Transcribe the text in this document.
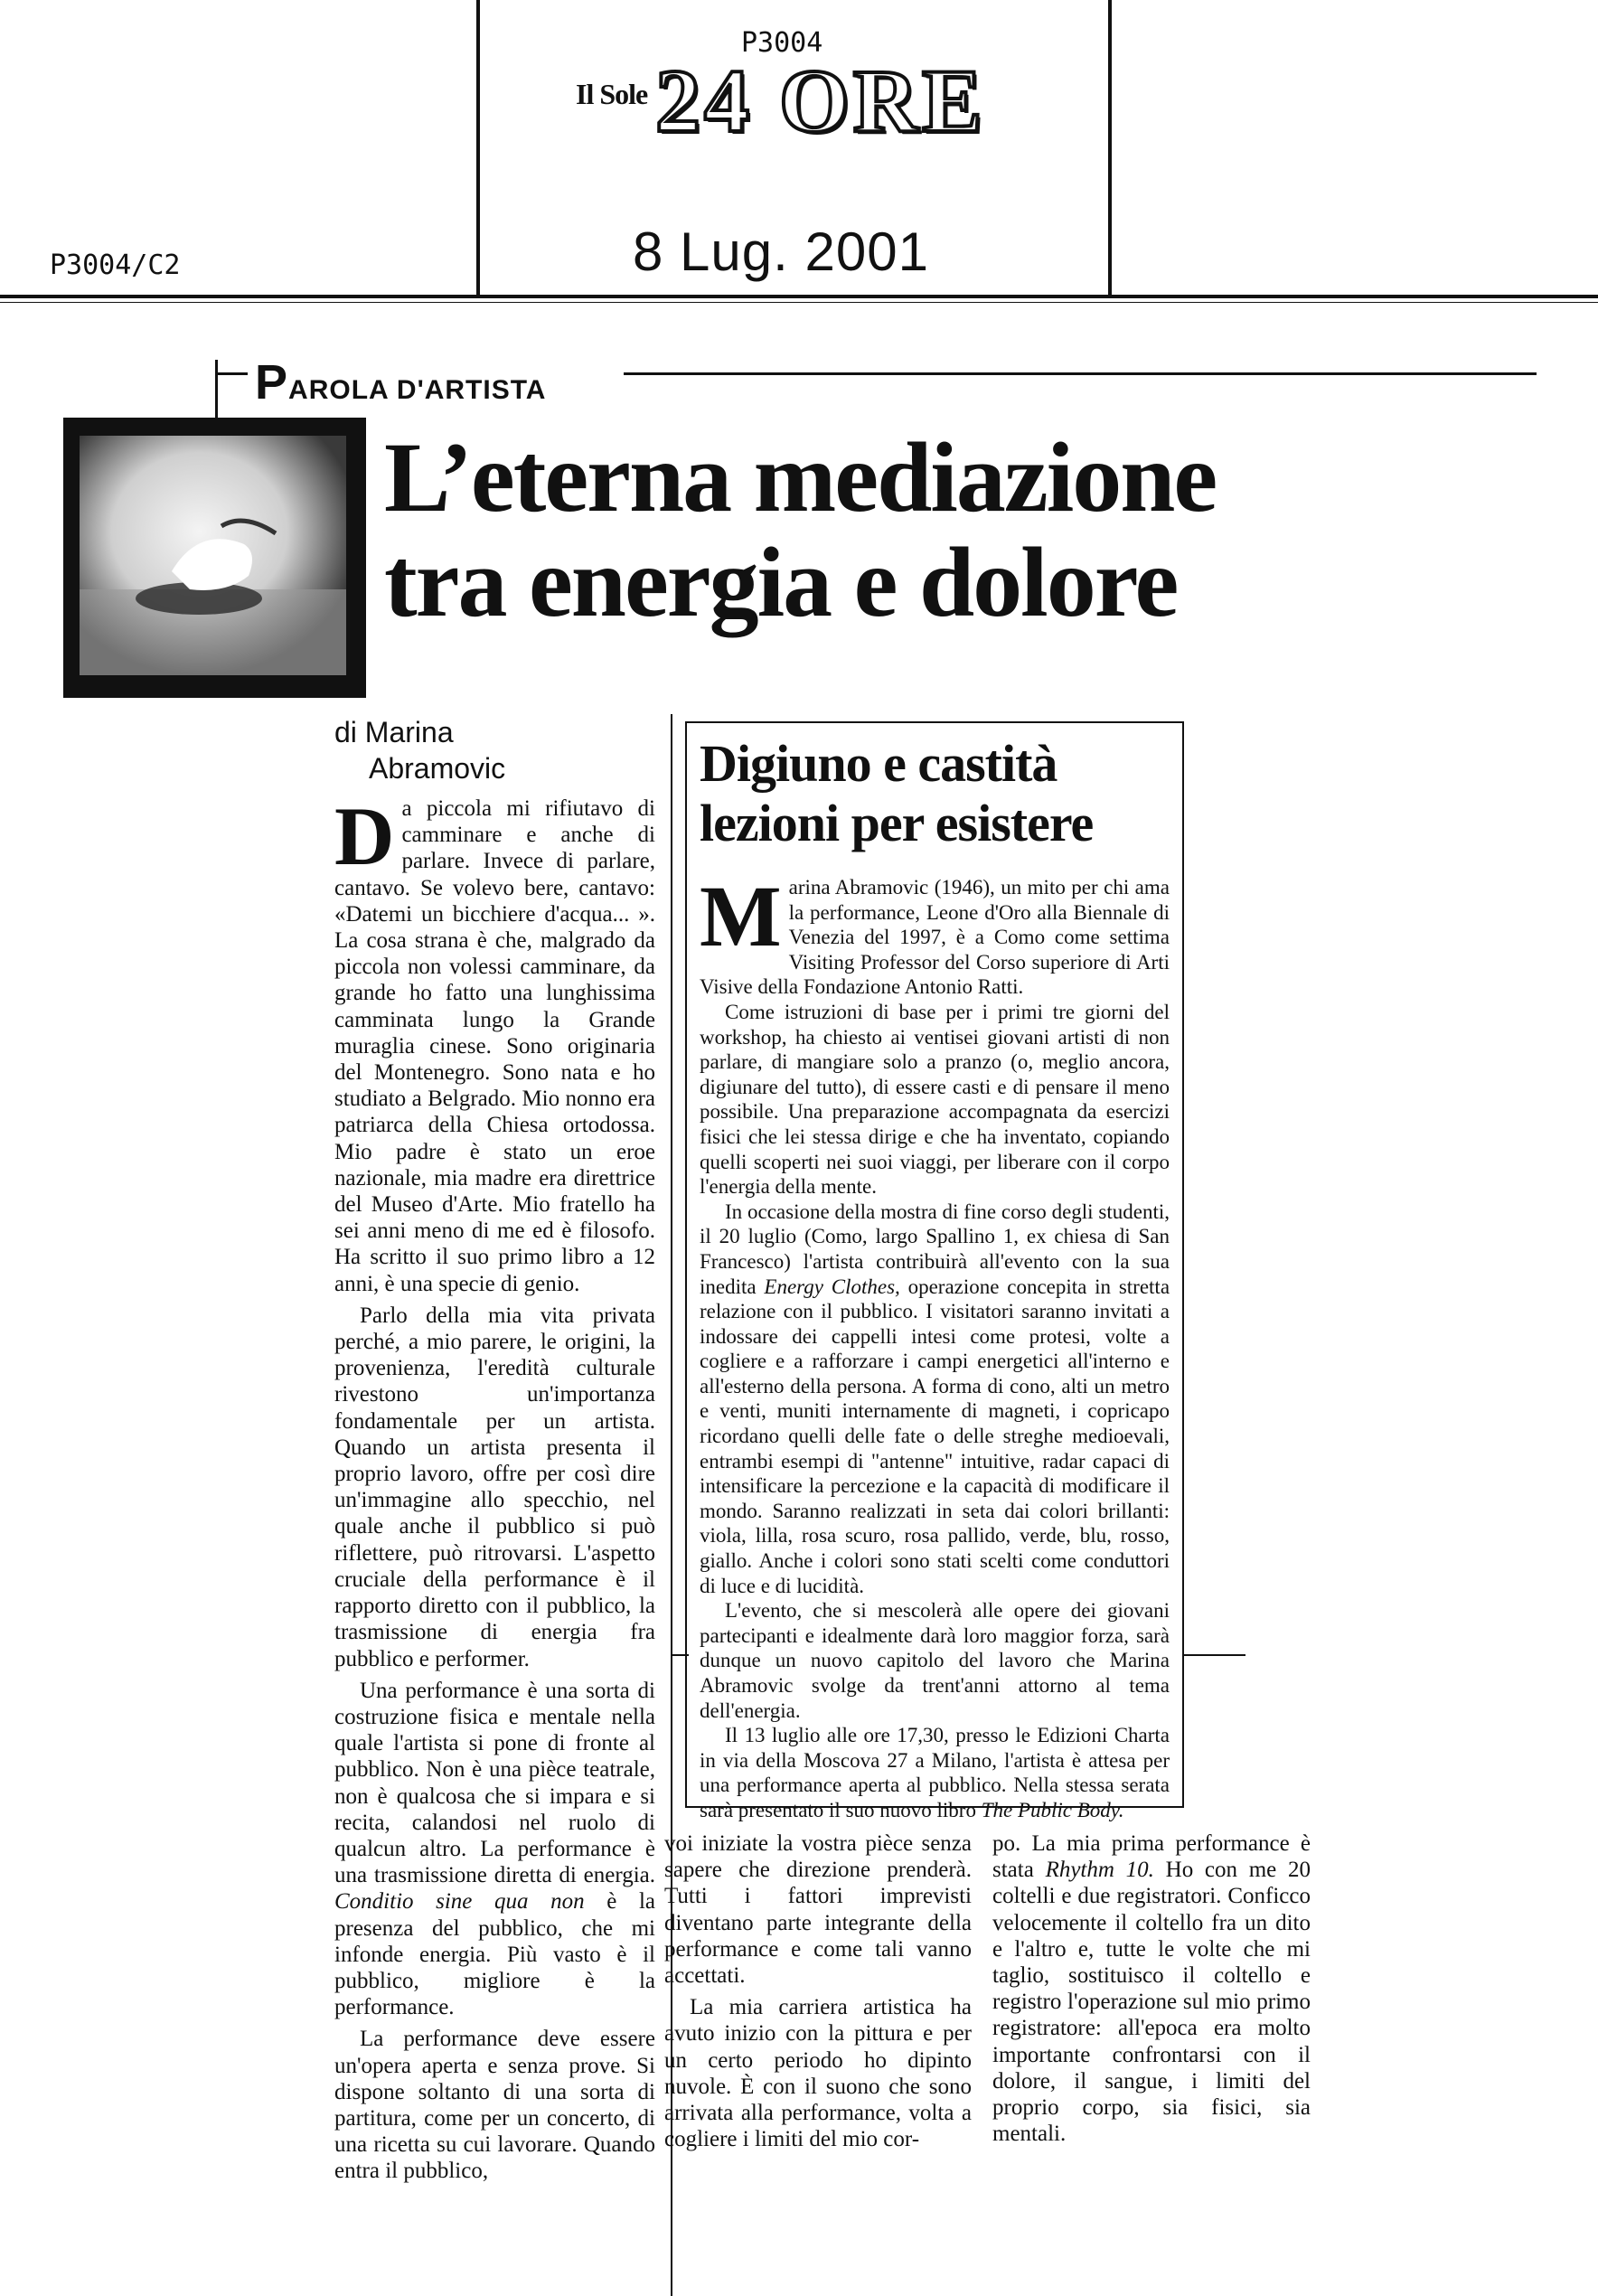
P3004
Il Sole 24 ORE
P3004/C2	8 Lug. 2001
PAROLA D'ARTISTA
L’eterna mediazione
tra energia e dolore
di Marina
Abramovic

Da piccola mi rifiutavo di camminare e anche di parlare. Invece di parlare, cantavo. Se volevo bere, cantavo: «Datemi un bicchiere d'acqua... ». La cosa strana è che, malgrado da piccola non volessi camminare, da grande ho fatto una lunghissima camminata lungo la Grande muraglia cinese. Sono originaria del Montenegro. Sono nata e ho studiato a Belgrado. Mio nonno era patriarca della Chiesa ortodossa. Mio padre è stato un eroe nazionale, mia madre era direttrice del Museo d'Arte. Mio fratello ha sei anni meno di me ed è filosofo. Ha scritto il suo primo libro a 12 anni, è una specie di genio.

Parlo della mia vita privata perché, a mio parere, le origini, la provenienza, l'eredità culturale rivestono un'importanza fondamentale per un artista. Quando un artista presenta il proprio lavoro, offre per così dire un'immagine allo specchio, nel quale anche il pubblico si può riflettere, può ritrovarsi. L'aspetto cruciale della performance è il rapporto diretto con il pubblico, la trasmissione di energia fra pubblico e performer.

Una performance è una sorta di costruzione fisica e mentale nella quale l'artista si pone di fronte al pubblico. Non è una pièce teatrale, non è qualcosa che si impara e si recita, calandosi nel ruolo di qualcun altro. La performance è una trasmissione diretta di energia. Conditio sine qua non è la presenza del pubblico, che mi infonde energia. Più vasto è il pubblico, migliore è la performance.

La performance deve essere un'opera aperta e senza prove. Si dispone soltanto di una sorta di partitura, come per un concerto, di una ricetta su cui lavorare. Quando entra il pubblico,

Digiuno e castità
lezioni per esistere

Marina Abramovic (1946), un mito per chi ama la performance, Leone d'Oro alla Biennale di Venezia del 1997, è a Como come settima Visiting Professor del Corso superiore di Arti Visive della Fondazione Antonio Ratti.

Come istruzioni di base per i primi tre giorni del workshop, ha chiesto ai ventisei giovani artisti di non parlare, di mangiare solo a pranzo (o, meglio ancora, digiunare del tutto), di essere casti e di pensare il meno possibile. Una preparazione accompagnata da esercizi fisici che lei stessa dirige e che ha inventato, copiando quelli scoperti nei suoi viaggi, per liberare con il corpo l'energia della mente.

In occasione della mostra di fine corso degli studenti, il 20 luglio (Como, largo Spallino 1, ex chiesa di San Francesco) l'artista contribuirà all'evento con la sua inedita Energy Clothes, operazione concepita in stretta relazione con il pubblico. I visitatori saranno invitati a indossare dei cappelli intesi come protesi, volte a cogliere e a rafforzare i campi energetici all'interno e all'esterno della persona. A forma di cono, alti un metro e venti, muniti internamente di magneti, i copricapo ricordano quelli delle fate o delle streghe medioevali, entrambi esempi di "antenne" intuitive, radar capaci di intensificare la percezione e la capacità di modificare il mondo. Saranno realizzati in seta dai colori brillanti: viola, lilla, rosa scuro, rosa pallido, verde, blu, rosso, giallo. Anche i colori sono stati scelti come conduttori di luce e di lucidità.

L'evento, che si mescolerà alle opere dei giovani partecipanti e idealmente darà loro maggior forza, sarà dunque un nuovo capitolo del lavoro che Marina Abramovic svolge da trent'anni attorno al tema dell'energia.

Il 13 luglio alle ore 17,30, presso le Edizioni Charta in via della Moscova 27 a Milano, l'artista è attesa per una performance aperta al pubblico. Nella stessa serata sarà presentato il suo nuovo libro The Public Body.

voi iniziate la vostra pièce senza sapere che direzione prenderà. Tutti i fattori imprevisti diventano parte integrante della performance e come tali vanno accettati.

La mia carriera artistica ha avuto inizio con la pittura e per un certo periodo ho dipinto nuvole. È con il suono che sono arrivata alla performance, volta a cogliere i limiti del mio cor-

po. La mia prima performance è stata Rhythm 10. Ho con me 20 coltelli e due registratori. Conficco velocemente il coltello fra un dito e l'altro e, tutte le volte che mi taglio, sostituisco il coltello e registro l'operazione sul mio primo registratore: all'epoca era molto importante confrontarsi con il dolore, il sangue, i limiti del proprio corpo, sia fisici, sia mentali.
